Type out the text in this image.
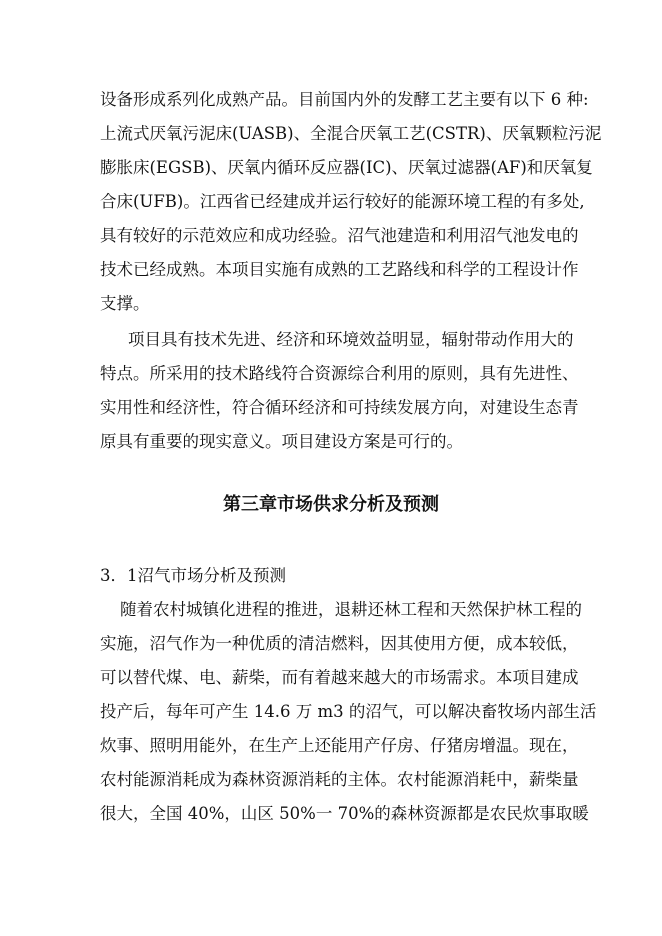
设备形成系列化成熟产品。目前国内外的发酵工艺主要有以下 6 种:
上流式厌氧污泥床(UASB)、全混合厌氧工艺(CSTR)、厌氧颗粒污泥
膨胀床(EGSB)、厌氧内循环反应器(IC)、厌氧过滤器(AF)和厌氧复
合床(UFB)。江西省已经建成并运行较好的能源环境工程的有多处,
具有较好的示范效应和成功经验。沼气池建造和利用沼气池发电的
技术已经成熟。本项目实施有成熟的工艺路线和科学的工程设计作
支撑。
项目具有技术先进、经济和环境效益明显，辐射带动作用大的
特点。所采用的技术路线符合资源综合利用的原则，具有先进性、
实用性和经济性，符合循环经济和可持续发展方向，对建设生态青
原具有重要的现实意义。项目建设方案是可行的。
第三章市场供求分析及预测
3．1沼气市场分析及预测
随着农村城镇化进程的推进，退耕还林工程和天然保护林工程的
实施，沼气作为一种优质的清洁燃料，因其使用方便，成本较低，
可以替代煤、电、薪柴，而有着越来越大的市场需求。本项目建成
投产后，每年可产生 14.6 万 m3 的沼气，可以解决畜牧场内部生活
炊事、照明用能外，在生产上还能用产仔房、仔猪房增温。现在，
农村能源消耗成为森林资源消耗的主体。农村能源消耗中，薪柴量
很大，全国 40%，山区 50%一 70%的森林资源都是农民炊事取暖
